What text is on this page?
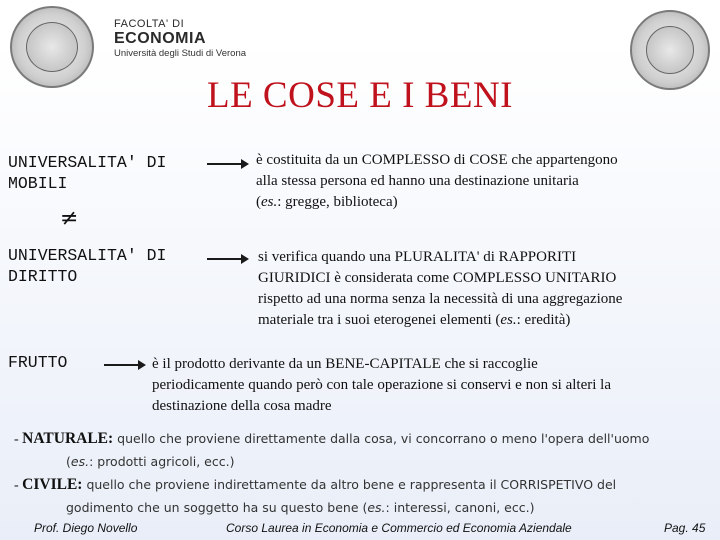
FACOLTA' DI
ECONOMIA
Università degli Studi di Verona
LE COSE E I BENI
UNIVERSALITA' DI
MOBILI
è costituita da un COMPLESSO di COSE che appartengono
alla stessa persona ed hanno una destinazione unitaria
(es.: gregge, biblioteca)
≠
UNIVERSALITA' DI
DIRITTO
si verifica quando una PLURALITA' di RAPPORITI
GIURIDICI è considerata come COMPLESSO UNITARIO
rispetto ad una norma senza la necessità di una aggregazione
materiale tra i suoi eterogenei elementi (es.: eredità)
FRUTTO	è il prodotto derivante da un BENE-CAPITALE che si raccoglie
periodicamente quando però con tale operazione si conservi e non si alteri la
destinazione della cosa madre
- NATURALE: quello che proviene direttamente dalla cosa, vi concorrano o meno l'opera dell'uomo
(es.: prodotti agricoli, ecc.)
- CIVILE: quello che proviene indirettamente da altro bene e rappresenta il CORRISPETIVO del
godimento che un soggetto ha su questo bene (es.: interessi, canoni, ecc.)
Prof. Diego Novello	Corso Laurea in Economia e Commercio ed Economia Aziendale	Pag. 45
